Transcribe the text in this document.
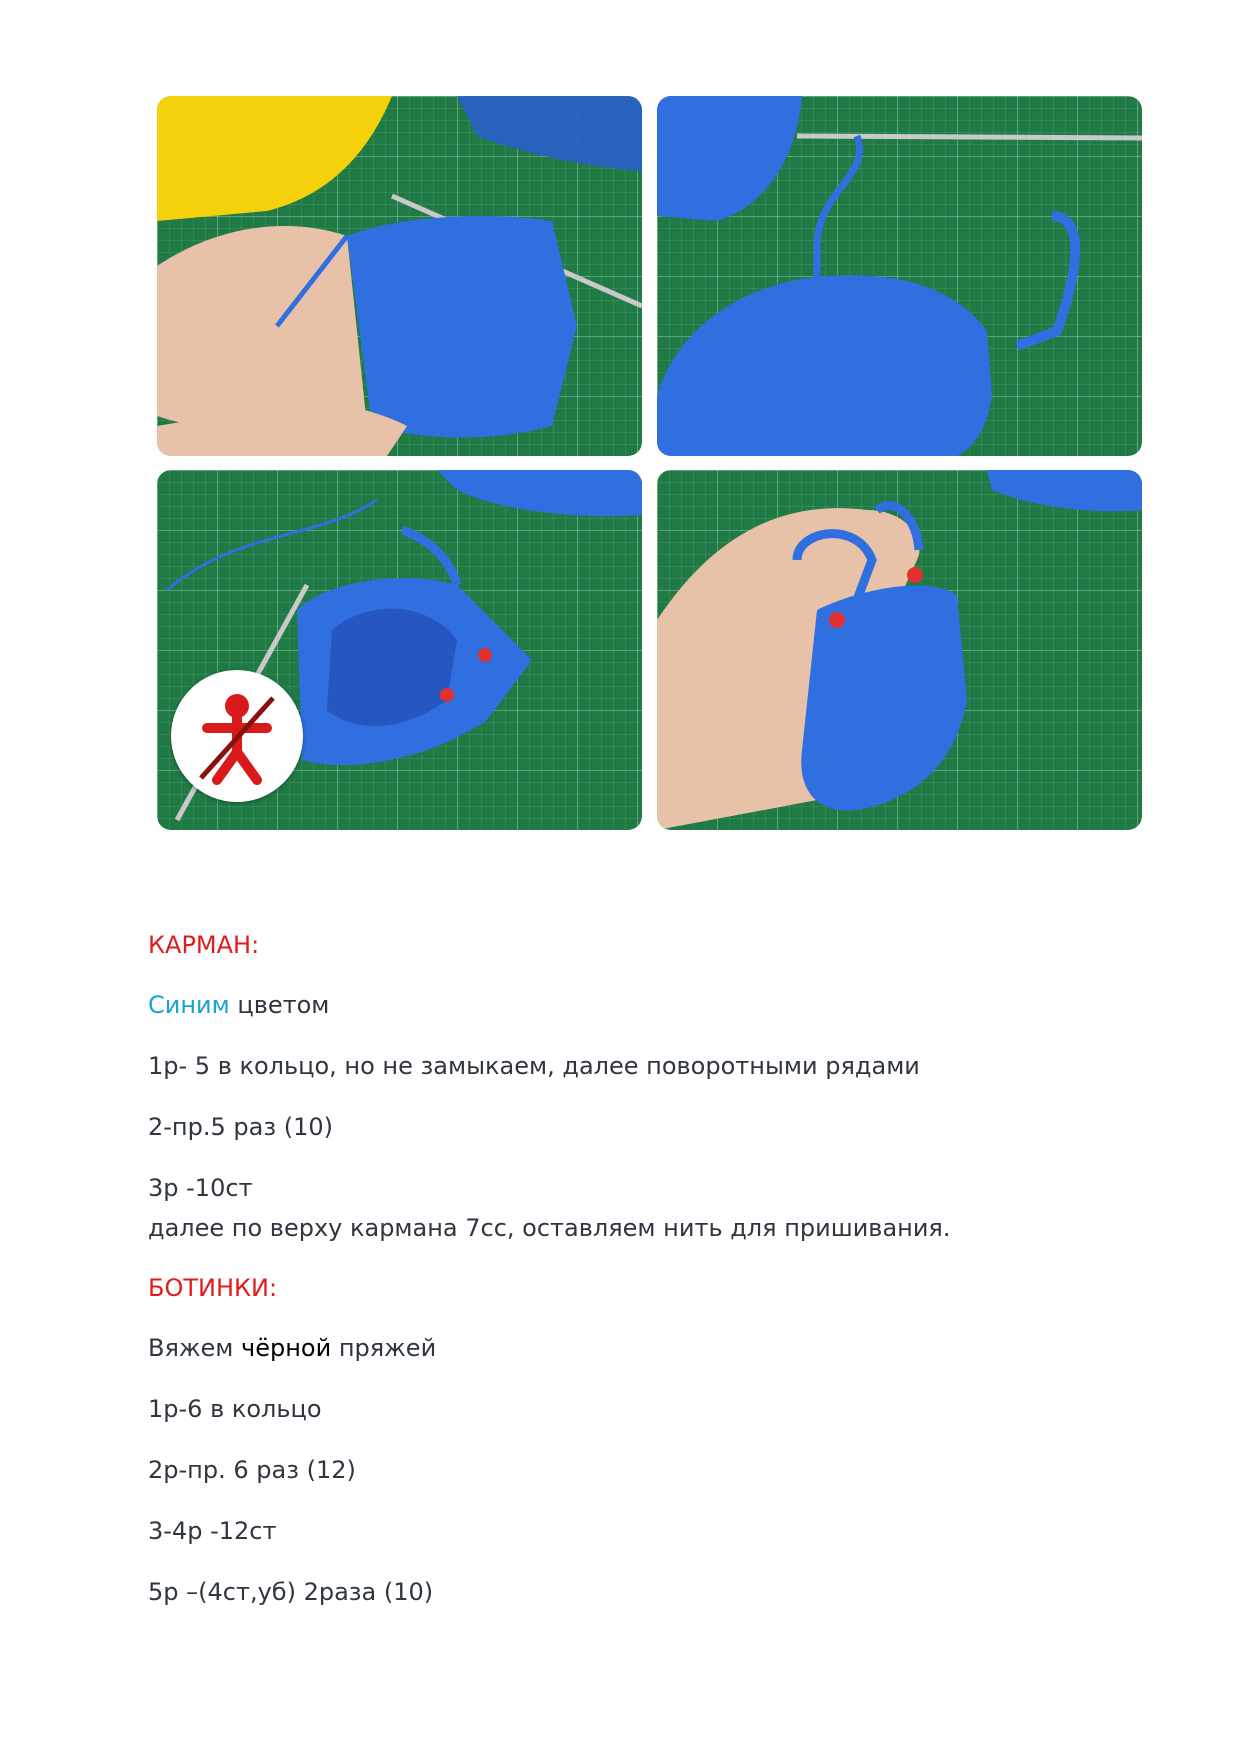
КАРМАН:
Синим цветом
1р- 5 в кольцо, но не замыкаем, далее поворотными рядами
2-пр.5 раз (10)
3р -10ст
далее по верху кармана 7сс, оставляем нить для пришивания.
БОТИНКИ:
Вяжем чёрной пряжей
1р-6 в кольцо
2р-пр. 6 раз (12)
3-4р -12ст
5р –(4ст,уб) 2раза (10)
